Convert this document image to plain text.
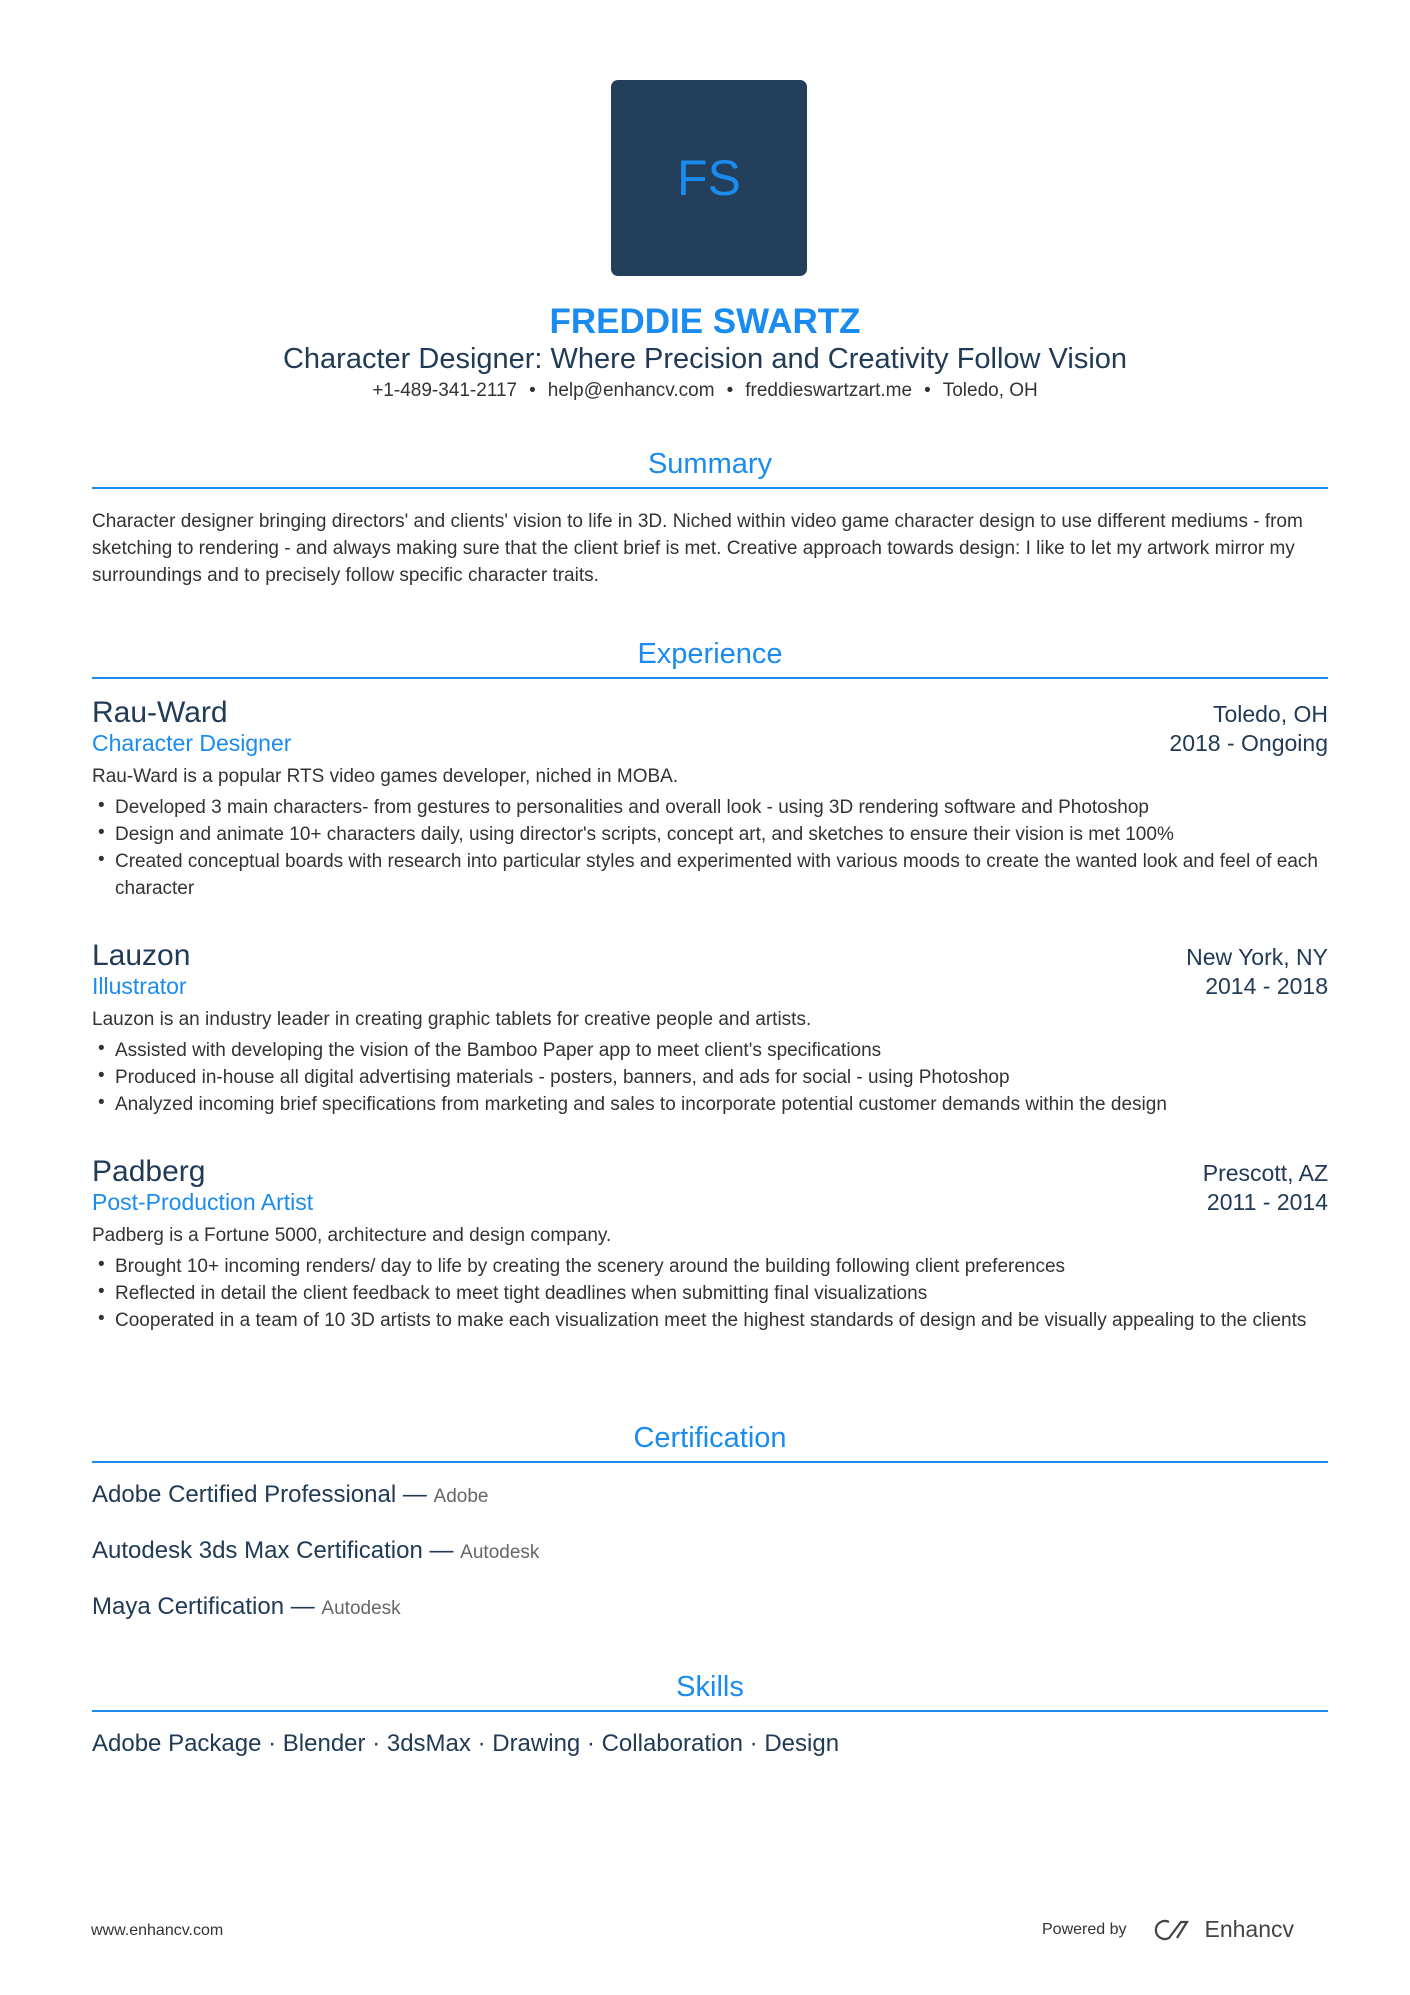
FS
FREDDIE SWARTZ
Character Designer: Where Precision and Creativity Follow Vision
+1-489-341-2117 • help@enhancv.com • freddieswartzart.me • Toledo, OH
Summary
Character designer bringing directors' and clients' vision to life in 3D. Niched within video game character design to use different mediums - from sketching to rendering - and always making sure that the client brief is met. Creative approach towards design: I like to let my artwork mirror my surroundings and to precisely follow specific character traits.
Experience
Rau-Ward	Toledo, OH
Character Designer	2018 - Ongoing
Rau-Ward is a popular RTS video games developer, niched in MOBA.
• Developed 3 main characters- from gestures to personalities and overall look - using 3D rendering software and Photoshop
• Design and animate 10+ characters daily, using director's scripts, concept art, and sketches to ensure their vision is met 100%
• Created conceptual boards with research into particular styles and experimented with various moods to create the wanted look and feel of each character
Lauzon	New York, NY
Illustrator	2014 - 2018
Lauzon is an industry leader in creating graphic tablets for creative people and artists.
• Assisted with developing the vision of the Bamboo Paper app to meet client's specifications
• Produced in-house all digital advertising materials - posters, banners, and ads for social - using Photoshop
• Analyzed incoming brief specifications from marketing and sales to incorporate potential customer demands within the design
Padberg	Prescott, AZ
Post-Production Artist	2011 - 2014
Padberg is a Fortune 5000, architecture and design company.
• Brought 10+ incoming renders/ day to life by creating the scenery around the building following client preferences
• Reflected in detail the client feedback to meet tight deadlines when submitting final visualizations
• Cooperated in a team of 10 3D artists to make each visualization meet the highest standards of design and be visually appealing to the clients
Certification
Adobe Certified Professional — Adobe
Autodesk 3ds Max Certification — Autodesk
Maya Certification — Autodesk
Skills
Adobe Package · Blender · 3dsMax · Drawing · Collaboration · Design
www.enhancv.com	Powered by	Enhancv
